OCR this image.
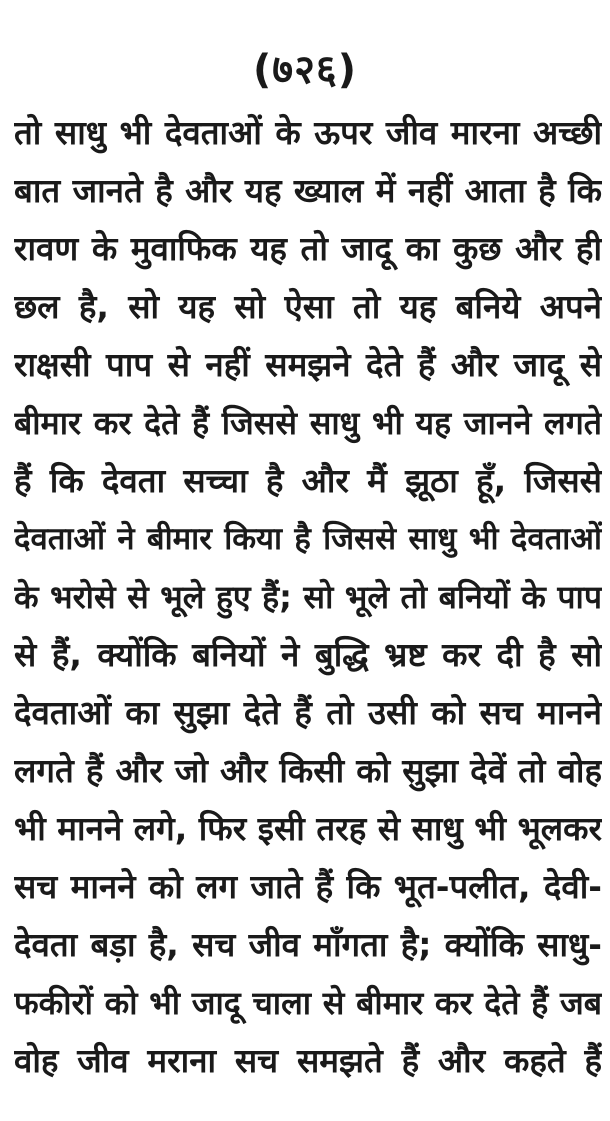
(७२६)
तो साधु भी देवताओं के ऊपर जीव मारना अच्छी
बात जानते है और यह ख्याल में नहीं आता है कि
रावण के मुवाफिक यह तो जादू का कुछ और ही
छल है, सो यह सो ऐसा तो यह बनिये अपने
राक्षसी पाप से नहीं समझने देते हैं और जादू से
बीमार कर देते हैं जिससे साधु भी यह जानने लगते
हैं कि देवता सच्चा है और मैं झूठा हूँ, जिससे
देवताओं ने बीमार किया है जिससे साधु भी देवताओं
के भरोसे से भूले हुए हैं; सो भूले तो बनियों के पाप
से हैं, क्योंकि बनियों ने बुद्धि भ्रष्ट कर दी है सो
देवताओं का सुझा देते हैं तो उसी को सच मानने
लगते हैं और जो और किसी को सुझा देवें तो वोह
भी मानने लगे, फिर इसी तरह से साधु भी भूलकर
सच मानने को लग जाते हैं कि भूत-पलीत, देवी-
देवता बड़ा है, सच जीव माँगता है; क्योंकि साधु-
फकीरों को भी जादू चाला से बीमार कर देते हैं जब
वोह जीव मराना सच समझते हैं और कहते हैं
